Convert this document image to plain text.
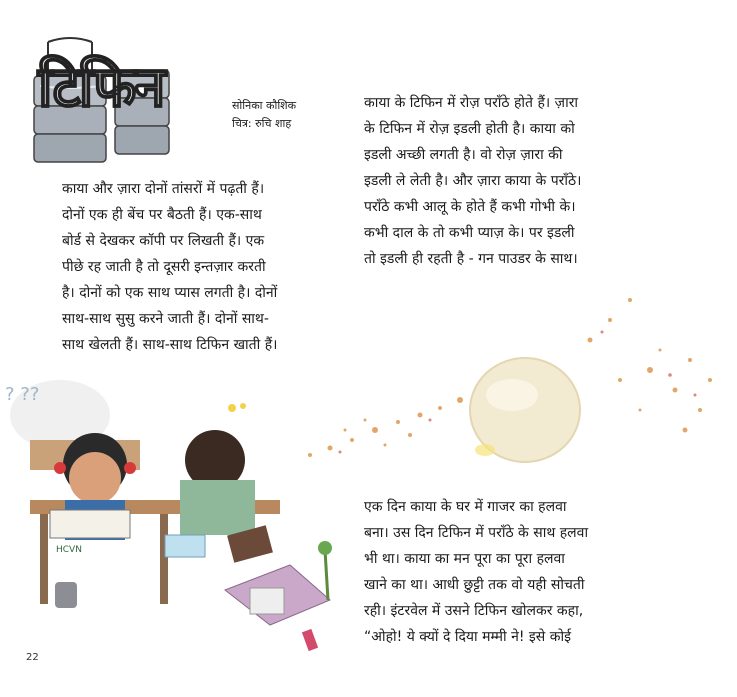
टिफिन	सोनिका कौशिक
चित्र: रुचि शाह
काया और ज़ारा दोनों तांसरों में पढ़ती हैं।
दोनों एक ही बेंच पर बैठती हैं। एक-साथ
बोर्ड से देखकर कॉपी पर लिखती हैं। एक
पीछे रह जाती है तो दूसरी इन्तज़ार करती
है। दोनों को एक साथ प्यास लगती है। दोनों
साथ-साथ सुसु करने जाती हैं। दोनों साथ-
साथ खेलती हैं। साथ-साथ टिफिन खाती हैं।
काया के टिफिन में रोज़ पराँठे होते हैं। ज़ारा
के टिफिन में रोज़ इडली होती है। काया को
इडली अच्छी लगती है। वो रोज़ ज़ारा की
इडली ले लेती है। और ज़ारा काया के पराँठे।
पराँठे कभी आलू के होते हैं कभी गोभी के।
कभी दाल के तो कभी प्याज़ के। पर इडली
तो इडली ही रहती है - गन पाउडर के साथ।
? ??
HCVN
एक दिन काया के घर में गाजर का हलवा
बना। उस दिन टिफिन में पराँठे के साथ हलवा
भी था। काया का मन पूरा का पूरा हलवा
खाने का था। आधी छुट्टी तक वो यही सोचती
रही। इंटरवेल में उसने टिफिन खोलकर कहा,
“ओहो! ये क्यों दे दिया मम्मी ने! इसे कोई
22
